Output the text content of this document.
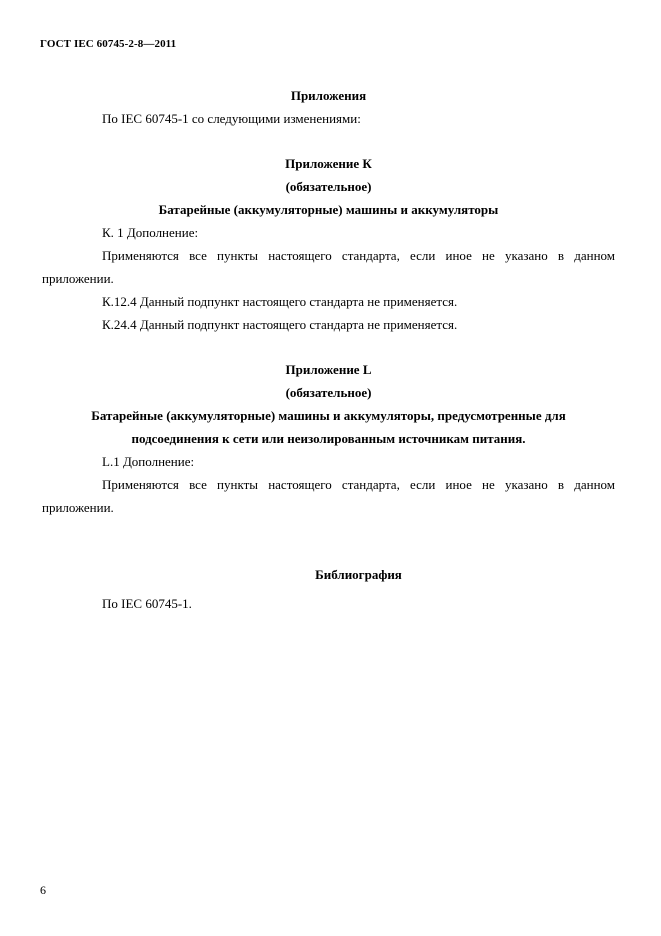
ГОСТ IEC 60745-2-8—2011

Приложения

По IEC 60745-1 со следующими изменениями:

Приложение К

(обязательное)

Батарейные (аккумуляторные) машины и аккумуляторы

К. 1 Дополнение:

Применяются все пункты настоящего стандарта, если иное не указано в данном

приложении.

К.12.4 Данный подпункт настоящего стандарта не применяется.

К.24.4 Данный подпункт настоящего стандарта не применяется.

Приложение L

(обязательное)

Батарейные (аккумуляторные) машины и аккумуляторы, предусмотренные для

подсоединения к сети или неизолированным источникам питания.

L.1 Дополнение:

Применяются все пункты настоящего стандарта, если иное не указано в данном

приложении.

Библиография

По IEC 60745-1.

6
